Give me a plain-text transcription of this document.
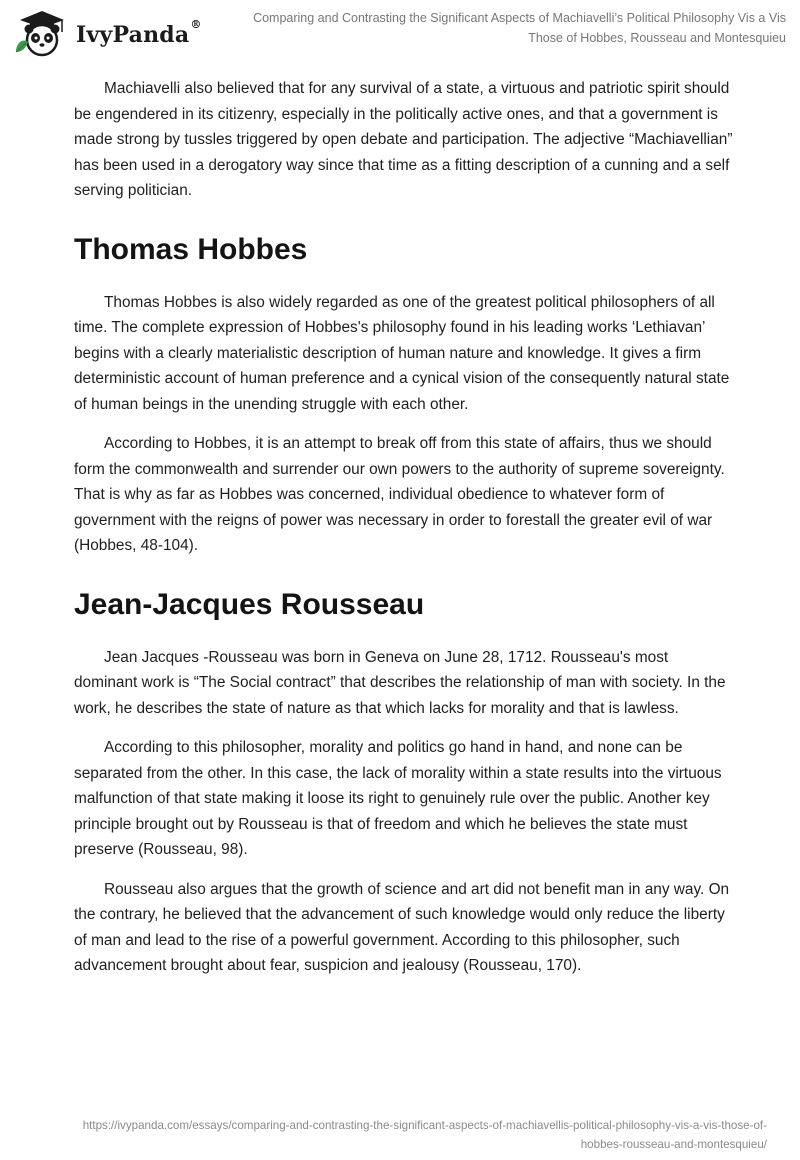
IvyPanda®	Comparing and Contrasting the Significant Aspects of Machiavelli’s Political Philosophy Vis a Vis
Those of Hobbes, Rousseau and Montesquieu

Machiavelli also believed that for any survival of a state, a virtuous and patriotic spirit should be engendered in its citizenry, especially in the politically active ones, and that a government is made strong by tussles triggered by open debate and participation. The adjective “Machiavellian” has been used in a derogatory way since that time as a fitting description of a cunning and a self serving politician.

Thomas Hobbes

Thomas Hobbes is also widely regarded as one of the greatest political philosophers of all time. The complete expression of Hobbes's philosophy found in his leading works ‘Lethiavan’ begins with a clearly materialistic description of human nature and knowledge. It gives a firm deterministic account of human preference and a cynical vision of the consequently natural state of human beings in the unending struggle with each other.

According to Hobbes, it is an attempt to break off from this state of affairs, thus we should form the commonwealth and surrender our own powers to the authority of supreme sovereignty. That is why as far as Hobbes was concerned, individual obedience to whatever form of government with the reigns of power was necessary in order to forestall the greater evil of war (Hobbes, 48-104).

Jean-Jacques Rousseau

Jean Jacques -Rousseau was born in Geneva on June 28, 1712. Rousseau's most dominant work is “The Social contract” that describes the relationship of man with society. In the work, he describes the state of nature as that which lacks for morality and that is lawless.

According to this philosopher, morality and politics go hand in hand, and none can be separated from the other. In this case, the lack of morality within a state results into the virtuous malfunction of that state making it loose its right to genuinely rule over the public. Another key principle brought out by Rousseau is that of freedom and which he believes the state must preserve (Rousseau, 98).

Rousseau also argues that the growth of science and art did not benefit man in any way. On the contrary, he believed that the advancement of such knowledge would only reduce the liberty of man and lead to the rise of a powerful government. According to this philosopher, such advancement brought about fear, suspicion and jealousy (Rousseau, 170).

https://ivypanda.com/essays/comparing-and-contrasting-the-significant-aspects-of-machiavellis-political-philosophy-vis-a-vis-those-of-
hobbes-rousseau-and-montesquieu/
